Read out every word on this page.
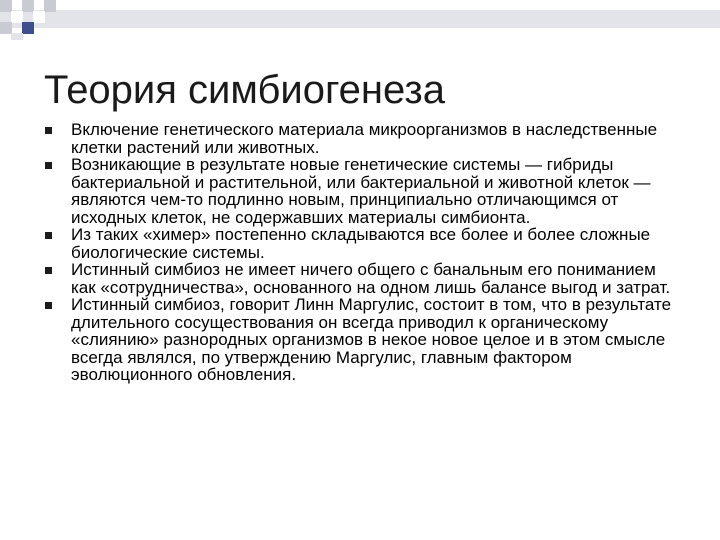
Теория симбиогенеза
Включение генетического материала микроорганизмов в наследственные клетки растений или животных.
Возникающие в результате новые генетические системы — гибриды бактериальной и растительной, или бактериальной и животной клеток — являются чем-то подлинно новым, принципиально отличающимся от исходных клеток, не содержавших материалы симбионта.
Из таких «химер» постепенно складываются все более и более сложные биологические системы.
Истинный симбиоз не имеет ничего общего с банальным его пониманием как «сотрудничества», основанного на одном лишь балансе выгод и затрат.
Истинный симбиоз, говорит Линн Маргулис, состоит в том, что в результате длительного сосуществования он всегда приводил к органическому «слиянию» разнородных организмов в некое новое целое и в этом смысле всегда являлся, по утверждению Маргулис, главным фактором эволюционного обновления.
